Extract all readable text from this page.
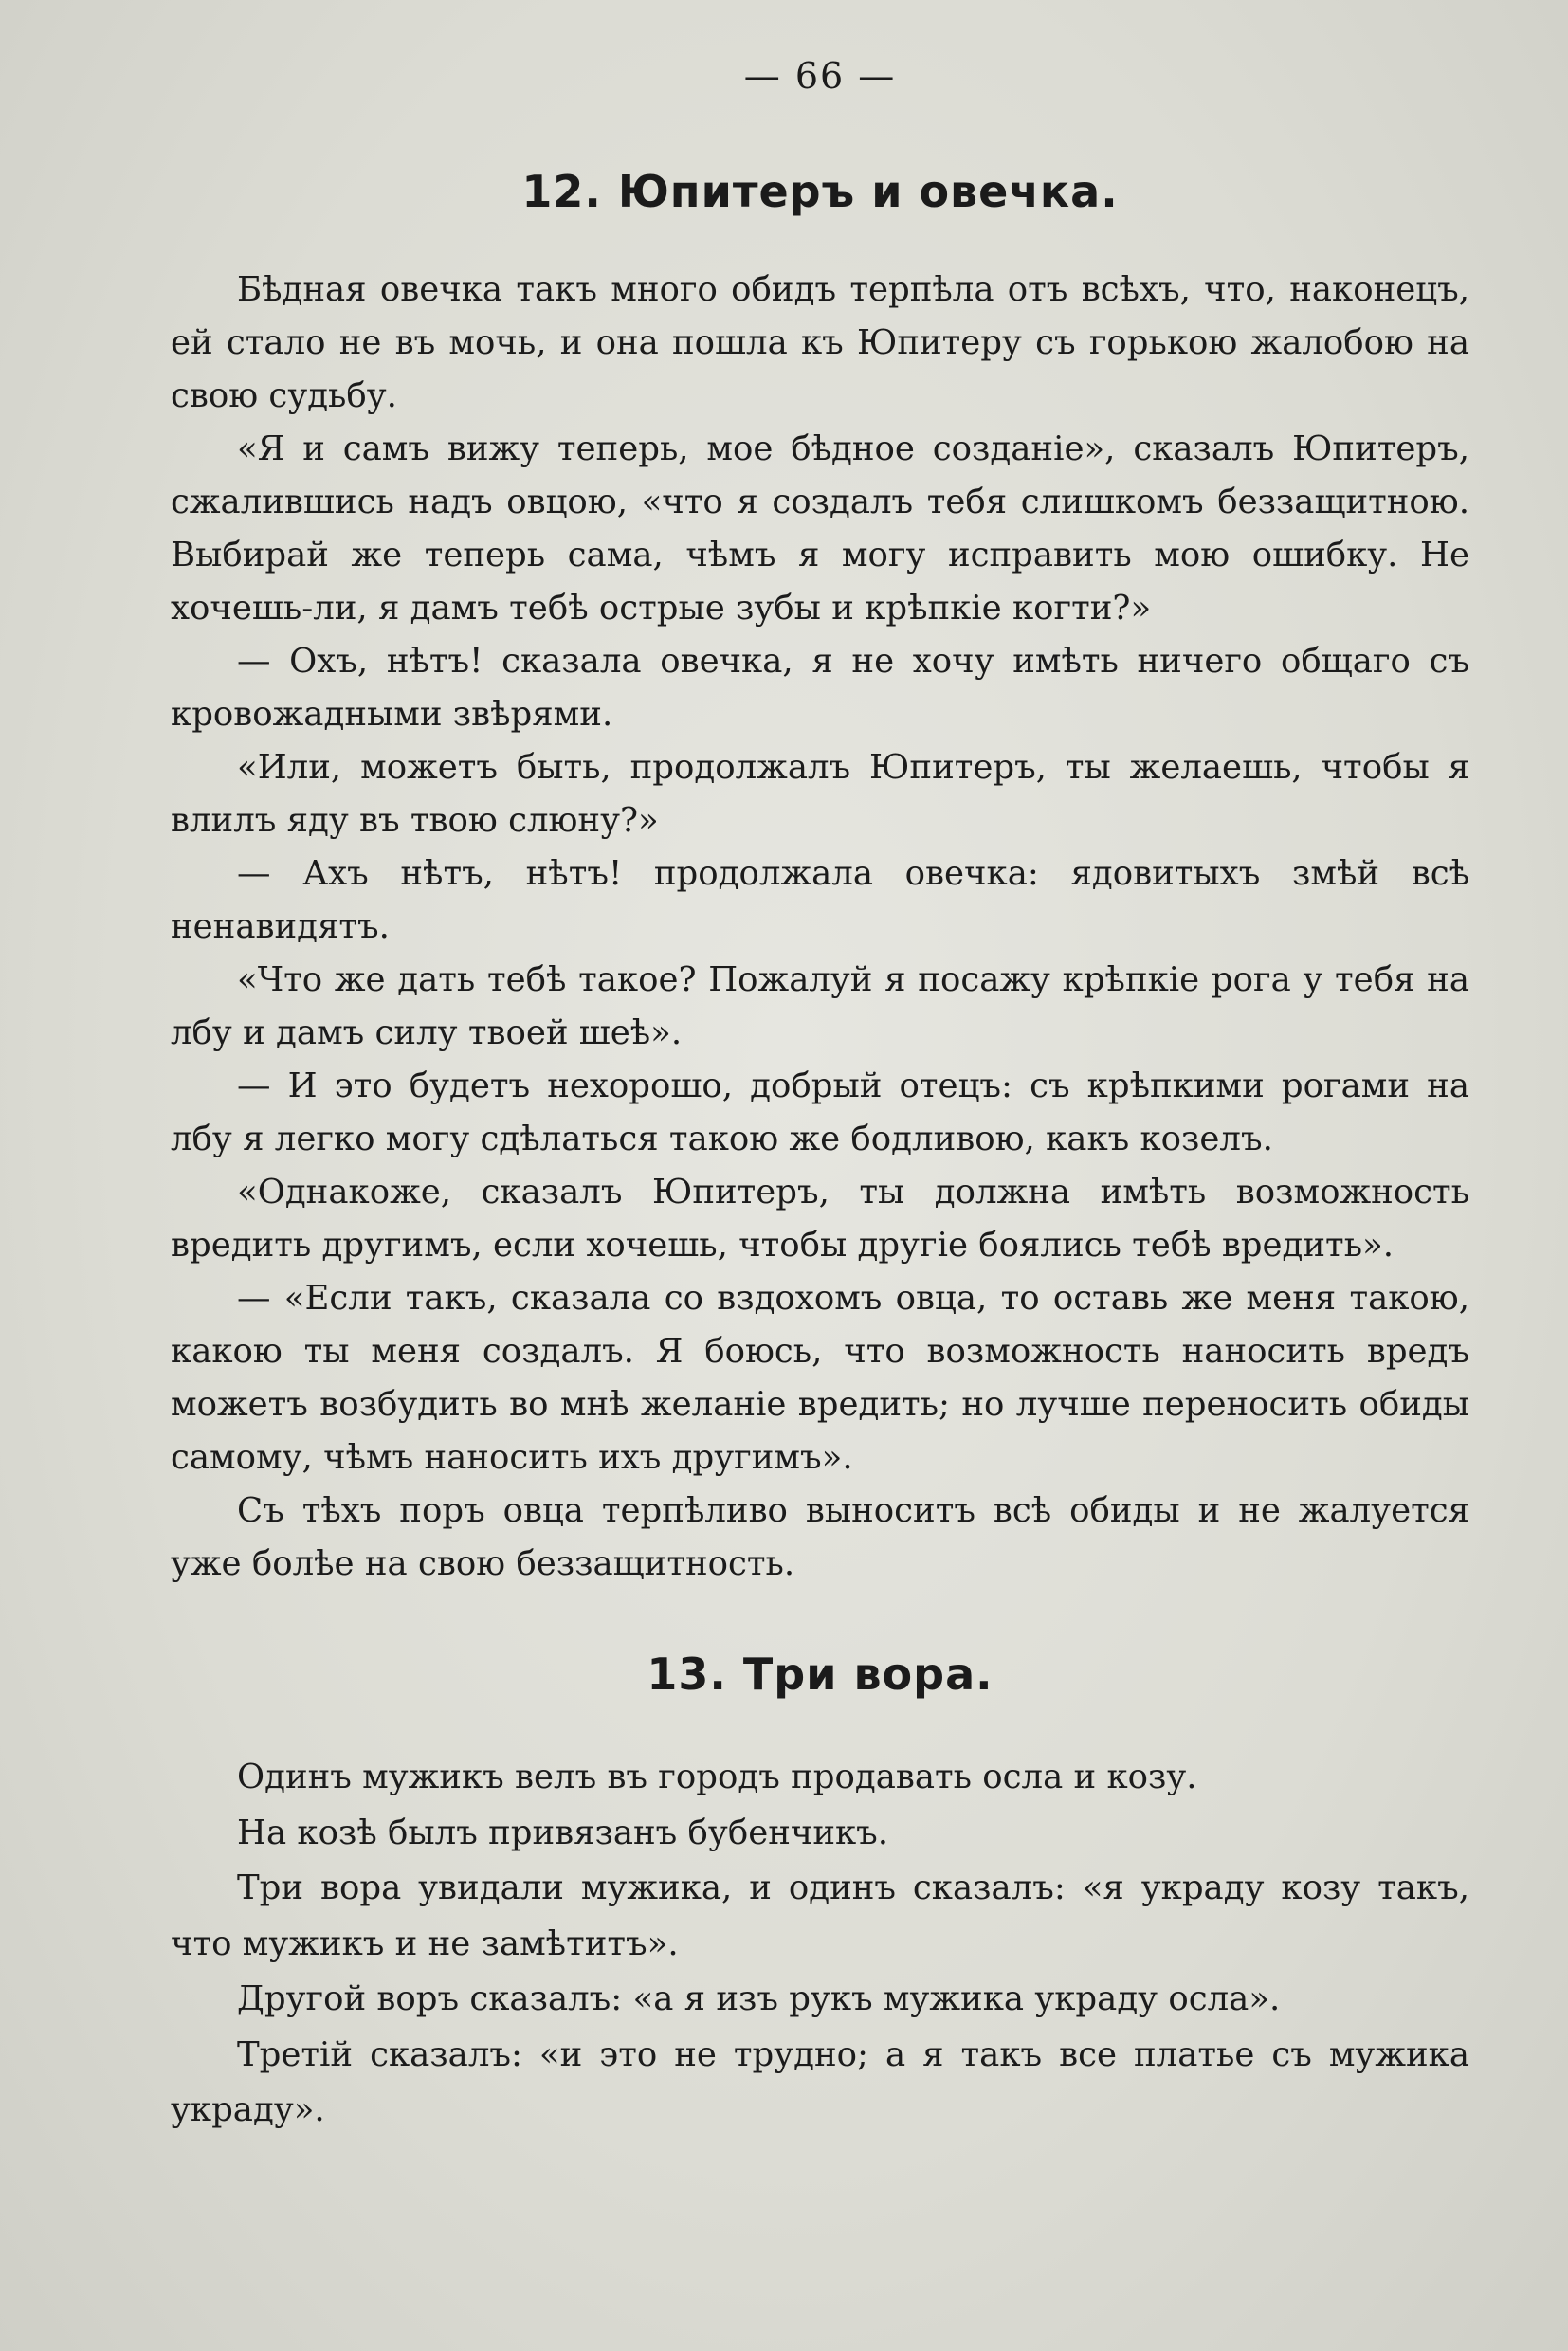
— 66 —
12. Юпитеръ и овечка.

Бѣдная овечка такъ много обидъ терпѣла отъ всѣхъ, что, наконецъ, ей стало не въ мочь, и она пошла къ Юпитеру съ горькою жалобою на свою судьбу.

«Я и самъ вижу теперь, мое бѣдное созданіе», сказалъ Юпитеръ, сжалившись надъ овцою, «что я создалъ тебя слишкомъ беззащитною. Выбирай же теперь сама, чѣмъ я могу исправить мою ошибку. Не хочешь-ли, я дамъ тебѣ острые зубы и крѣпкіе когти?»

— Охъ, нѣтъ! сказала овечка, я не хочу имѣть ничего общаго съ кровожадными звѣрями.

«Или, можетъ быть, продолжалъ Юпитеръ, ты желаешь, чтобы я влилъ яду въ твою слюну?»

— Ахъ нѣтъ, нѣтъ! продолжала овечка: ядовитыхъ змѣй всѣ ненавидятъ.

«Что же дать тебѣ такое? Пожалуй я посажу крѣпкіе рога у тебя на лбу и дамъ силу твоей шеѣ».

— И это будетъ нехорошо, добрый отецъ: съ крѣпкими рогами на лбу я легко могу сдѣлаться такою же бодливою, какъ козелъ.

«Однакоже, сказалъ Юпитеръ, ты должна имѣть возможность вредить другимъ, если хочешь, чтобы другіе боялись тебѣ вредить».

— «Если такъ, сказала со вздохомъ овца, то оставь же меня такою, какою ты меня создалъ. Я боюсь, что возможность наносить вредъ можетъ возбудить во мнѣ желаніе вредить; но лучше переносить обиды самому, чѣмъ наносить ихъ другимъ».

Съ тѣхъ поръ овца терпѣливо выноситъ всѣ обиды и не жалуется уже болѣе на свою беззащитность.

13. Три вора.

Одинъ мужикъ велъ въ городъ продавать осла и козу.

На козѣ былъ привязанъ бубенчикъ.

Три вора увидали мужика, и одинъ сказалъ: «я украду козу такъ, что мужикъ и не замѣтитъ».

Другой воръ сказалъ: «а я изъ рукъ мужика украду осла».

Третій сказалъ: «и это не трудно; а я такъ все платье съ мужика украду».
